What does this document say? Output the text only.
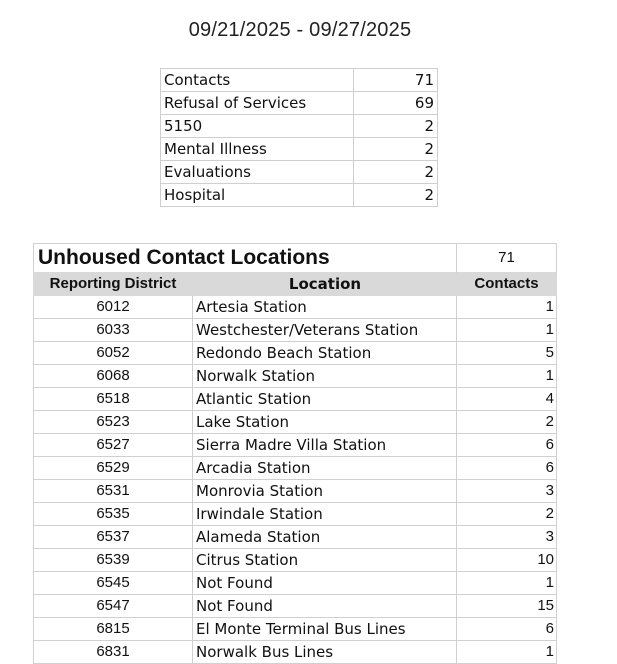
09/21/2025 - 09/27/2025
Contacts	71
Refusal of Services	69
5150	2
Mental Illness	2
Evaluations	2
Hospital	2
Unhoused Contact Locations		71
Reporting District	Location	Contacts
6012	Artesia Station	1
6033	Westchester/Veterans Station	1
6052	Redondo Beach Station	5
6068	Norwalk Station	1
6518	Atlantic Station	4
6523	Lake Station	2
6527	Sierra Madre Villa Station	6
6529	Arcadia Station	6
6531	Monrovia Station	3
6535	Irwindale Station	2
6537	Alameda Station	3
6539	Citrus Station	10
6545	Not Found	1
6547	Not Found	15
6815	El Monte Terminal Bus Lines	6
6831	Norwalk Bus Lines	1
